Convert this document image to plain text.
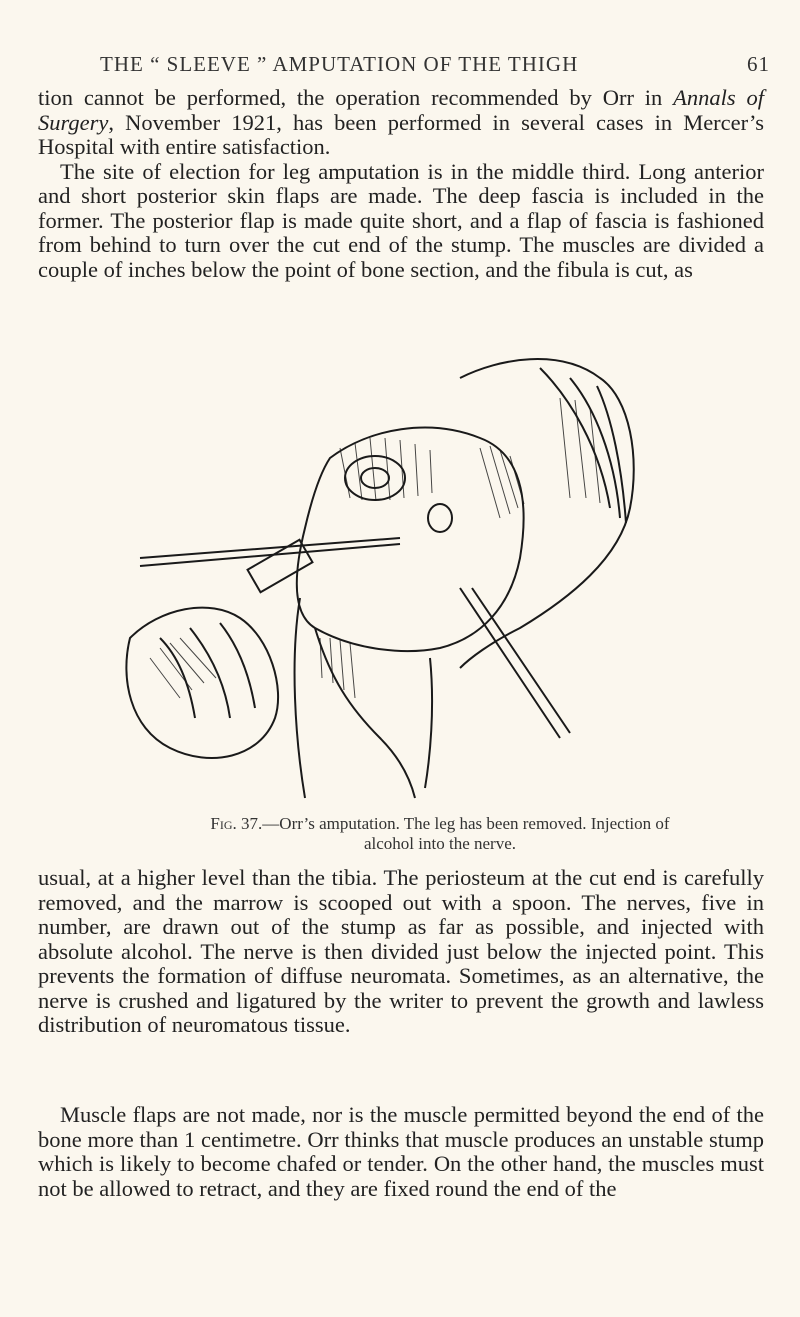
THE “ SLEEVE ” AMPUTATION OF THE THIGH	61

tion cannot be performed, the operation recommended by Orr in Annals of Surgery, November 1921, has been performed in several cases in Mercer’s Hospital with entire satisfaction.

The site of election for leg amputation is in the middle third. Long anterior and short posterior skin flaps are made. The deep fascia is included in the former. The posterior flap is made quite short, and a flap of fascia is fashioned from behind to turn over the cut end of the stump. The muscles are divided a couple of inches below the point of bone section, and the fibula is cut, as

Fig. 37.—Orr’s amputation. The leg has been removed. Injection of
alcohol into the nerve.

usual, at a higher level than the tibia. The periosteum at the cut end is carefully removed, and the marrow is scooped out with a spoon. The nerves, five in number, are drawn out of the stump as far as possible, and injected with absolute alcohol. The nerve is then divided just below the injected point. This prevents the formation of diffuse neuromata. Sometimes, as an alternative, the nerve is crushed and ligatured by the writer to prevent the growth and lawless distribution of neuromatous tissue.

Muscle flaps are not made, nor is the muscle permitted beyond the end of the bone more than 1 centimetre. Orr thinks that muscle produces an unstable stump which is likely to become chafed or tender. On the other hand, the muscles must not be allowed to retract, and they are fixed round the end of the
